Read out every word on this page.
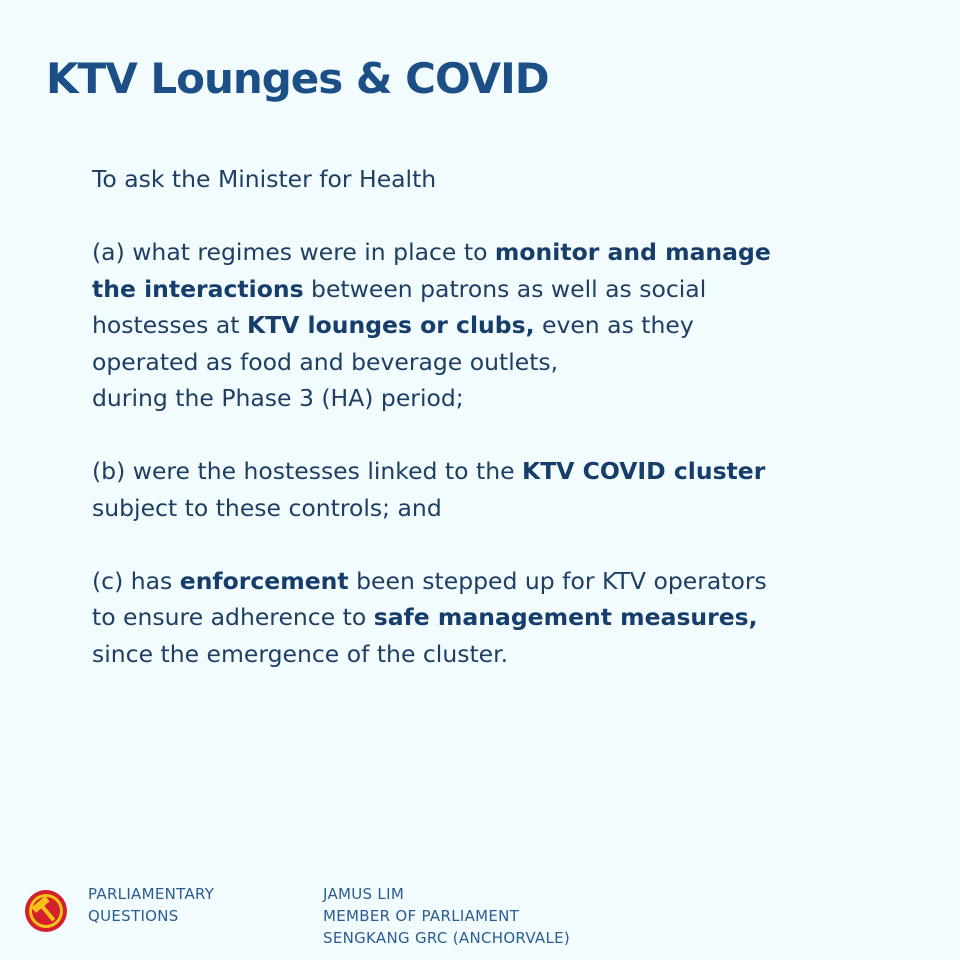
KTV Lounges & COVID

To ask the Minister for Health

(a) what regimes were in place to monitor and manage
the interactions between patrons as well as social
hostesses at KTV lounges or clubs, even as they
operated as food and beverage outlets,
during the Phase 3 (HA) period;

(b) were the hostesses linked to the KTV COVID cluster
subject to these controls; and

(c) has enforcement been stepped up for KTV operators
to ensure adherence to safe management measures,
since the emergence of the cluster.

PARLIAMENTARY
QUESTIONS
JAMUS LIM
MEMBER OF PARLIAMENT
SENGKANG GRC (ANCHORVALE)
